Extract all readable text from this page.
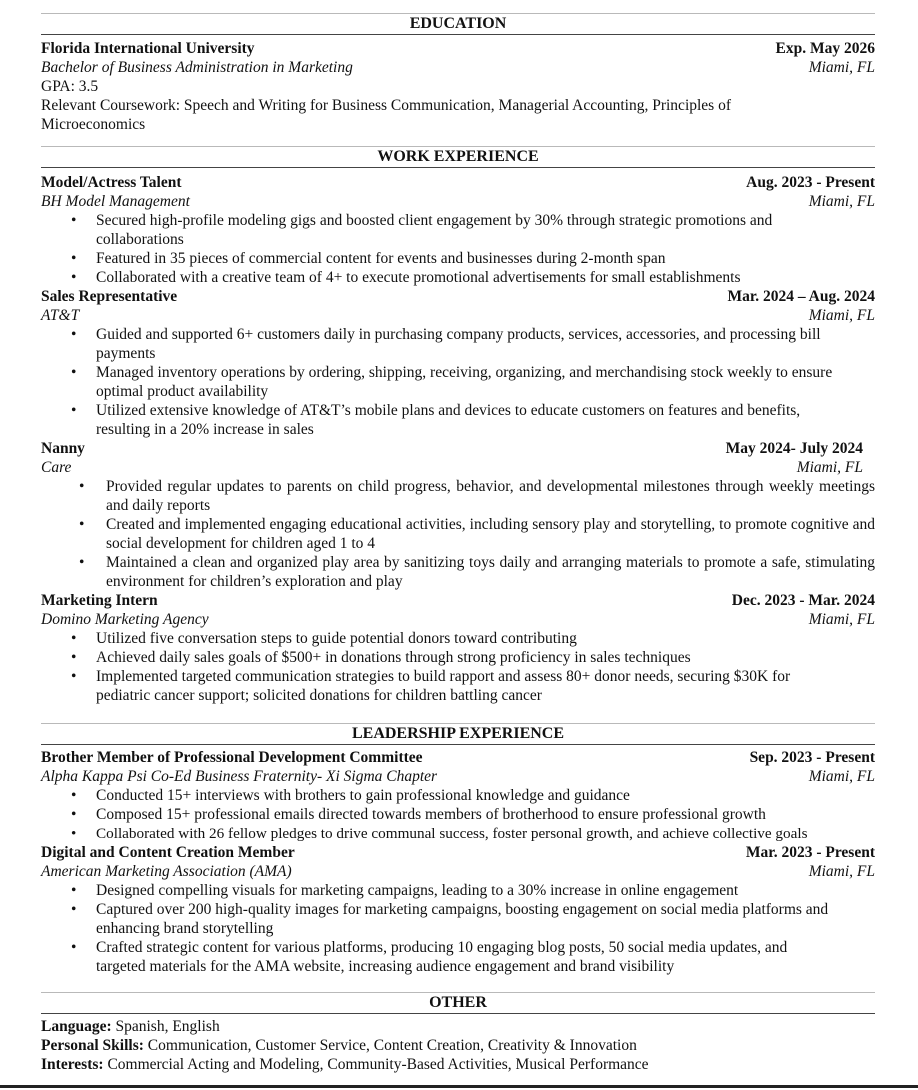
EDUCATION
Florida International University	Exp. May 2026
Bachelor of Business Administration in Marketing	Miami, FL
GPA: 3.5
Relevant Coursework: Speech and Writing for Business Communication, Managerial Accounting, Principles of Microeconomics
WORK EXPERIENCE
Model/Actress Talent	Aug. 2023 - Present
BH Model Management	Miami, FL
• Secured high-profile modeling gigs and boosted client engagement by 30% through strategic promotions and collaborations
• Featured in 35 pieces of commercial content for events and businesses during 2-month span
• Collaborated with a creative team of 4+ to execute promotional advertisements for small establishments
Sales Representative	Mar. 2024 – Aug. 2024
AT&T	Miami, FL
• Guided and supported 6+ customers daily in purchasing company products, services, accessories, and processing bill payments
• Managed inventory operations by ordering, shipping, receiving, organizing, and merchandising stock weekly to ensure optimal product availability
• Utilized extensive knowledge of AT&T’s mobile plans and devices to educate customers on features and benefits, resulting in a 20% increase in sales
Nanny	May 2024- July 2024
Care	Miami, FL
• Provided regular updates to parents on child progress, behavior, and developmental milestones through weekly meetings and daily reports
• Created and implemented engaging educational activities, including sensory play and storytelling, to promote cognitive and social development for children aged 1 to 4
• Maintained a clean and organized play area by sanitizing toys daily and arranging materials to promote a safe, stimulating environment for children’s exploration and play
Marketing Intern	Dec. 2023 - Mar. 2024
Domino Marketing Agency	Miami, FL
• Utilized five conversation steps to guide potential donors toward contributing
• Achieved daily sales goals of $500+ in donations through strong proficiency in sales techniques
• Implemented targeted communication strategies to build rapport and assess 80+ donor needs, securing $30K for pediatric cancer support; solicited donations for children battling cancer
LEADERSHIP EXPERIENCE
Brother Member of Professional Development Committee	Sep. 2023 - Present
Alpha Kappa Psi Co-Ed Business Fraternity- Xi Sigma Chapter	Miami, FL
• Conducted 15+ interviews with brothers to gain professional knowledge and guidance
• Composed 15+ professional emails directed towards members of brotherhood to ensure professional growth
• Collaborated with 26 fellow pledges to drive communal success, foster personal growth, and achieve collective goals
Digital and Content Creation Member	Mar. 2023 - Present
American Marketing Association (AMA)	Miami, FL
• Designed compelling visuals for marketing campaigns, leading to a 30% increase in online engagement
• Captured over 200 high-quality images for marketing campaigns, boosting engagement on social media platforms and enhancing brand storytelling
• Crafted strategic content for various platforms, producing 10 engaging blog posts, 50 social media updates, and targeted materials for the AMA website, increasing audience engagement and brand visibility
OTHER
Language: Spanish, English
Personal Skills: Communication, Customer Service, Content Creation, Creativity & Innovation
Interests: Commercial Acting and Modeling, Community-Based Activities, Musical Performance
